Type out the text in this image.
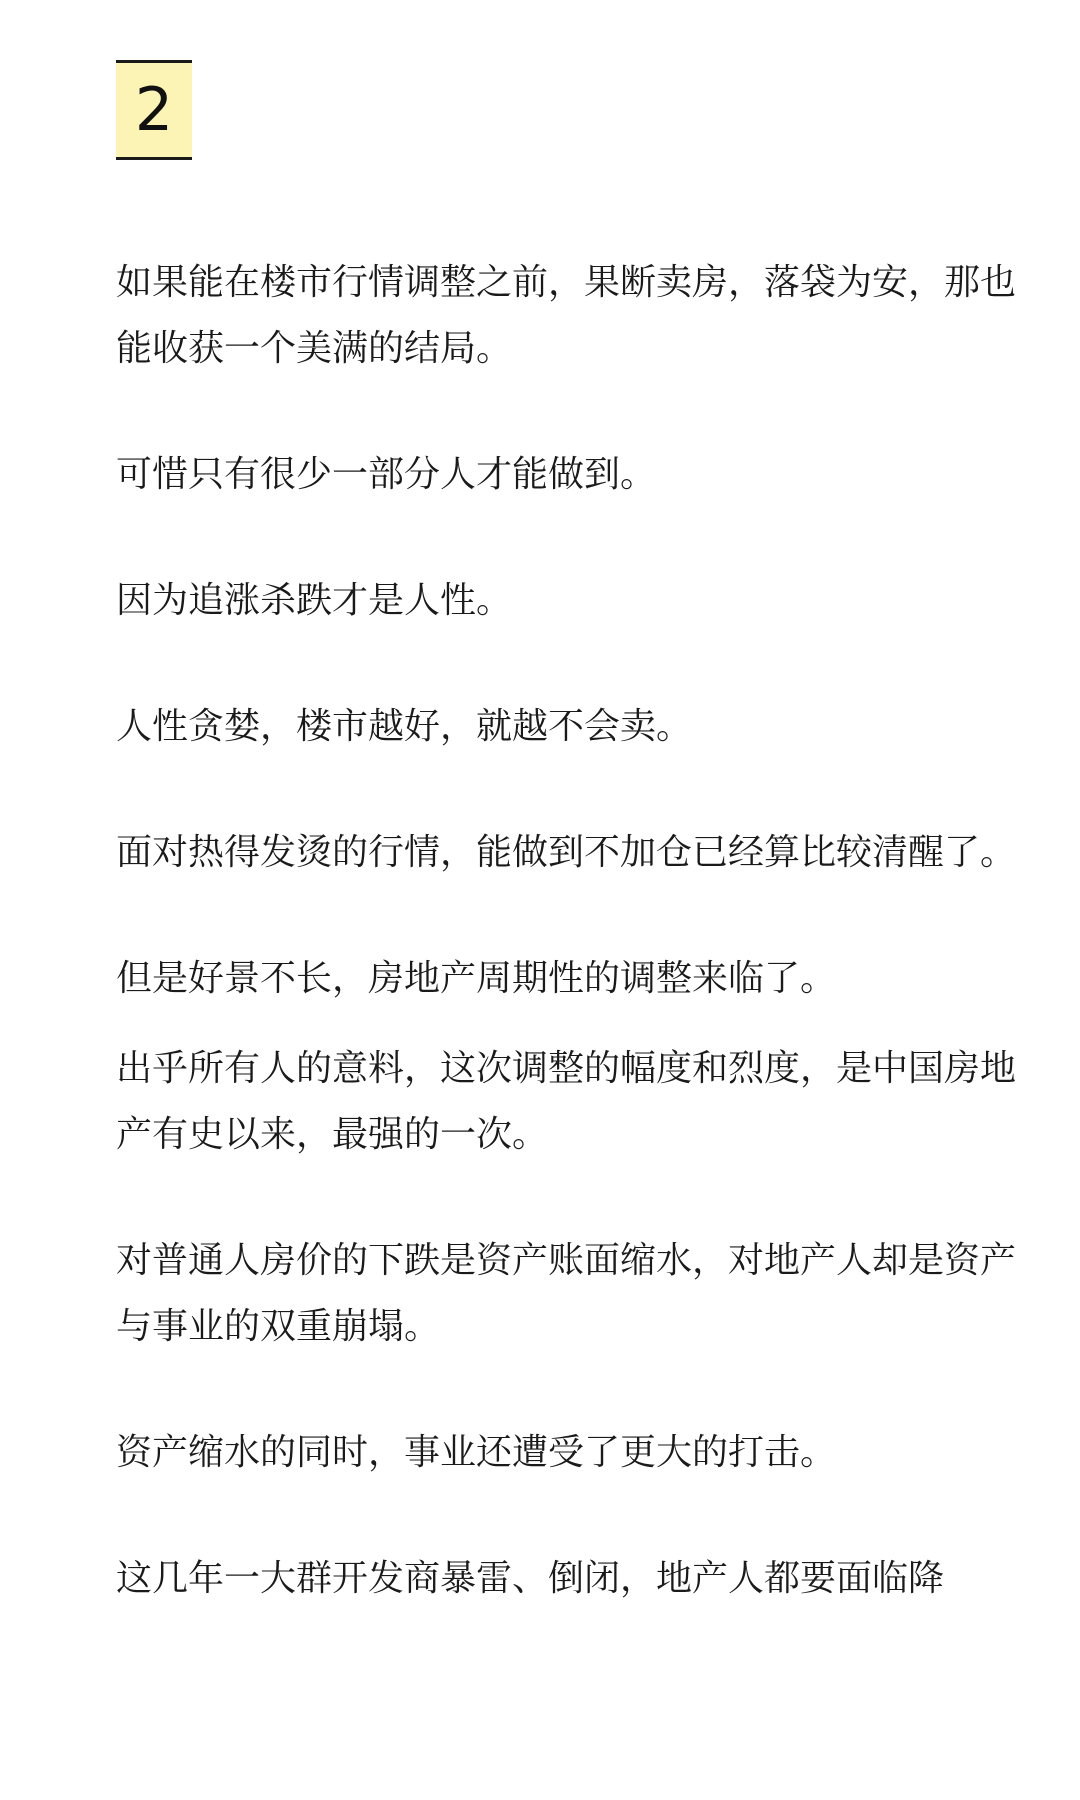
2

如果能在楼市行情调整之前，果断卖房，落袋为安，那也能收获一个美满的结局。

可惜只有很少一部分人才能做到。

因为追涨杀跌才是人性。

人性贪婪，楼市越好，就越不会卖。

面对热得发烫的行情，能做到不加仓已经算比较清醒了。

但是好景不长，房地产周期性的调整来临了。

出乎所有人的意料，这次调整的幅度和烈度，是中国房地产有史以来，最强的一次。

对普通人房价的下跌是资产账面缩水，对地产人却是资产与事业的双重崩塌。

资产缩水的同时，事业还遭受了更大的打击。

这几年一大群开发商暴雷、倒闭，地产人都要面临降
